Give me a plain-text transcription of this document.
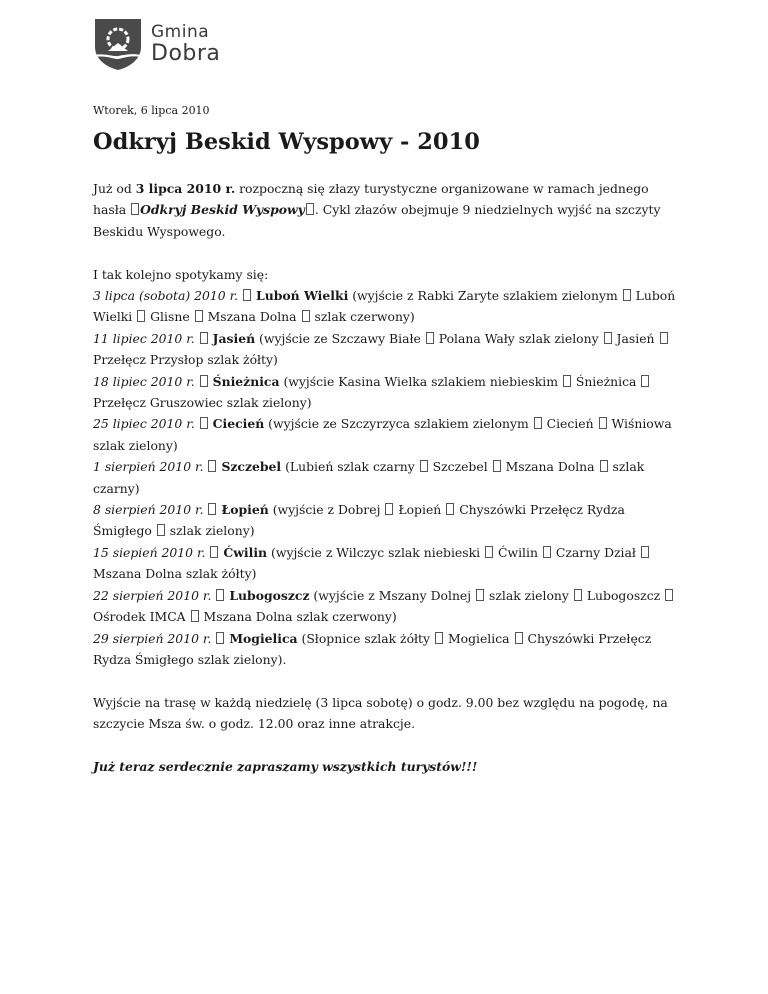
Gmina
Dobra
Wtorek, 6 lipca 2010
Odkryj Beskid Wyspowy - 2010

Już od 3 lipca 2010 r. rozpoczną się złazy turystyczne organizowane w ramach jednego hasła Odkryj Beskid Wyspowy . Cykl złazów obejmuje 9 niedzielnych wyjść na szczyty Beskidu Wyspowego.

I tak kolejno spotykamy się:

3 lipca (sobota) 2010 r. Luboń Wielki (wyjście z Rabki Zaryte szlakiem zielonym  Luboń Wielki Glisne Mszana Dolna szlak czerwony)

11 lipiec 2010 r. Jasień (wyjście ze Szczawy Białe  Polana Wały szlak zielony Jasień  Przełęcz Przysłop szlak żółty)

18 lipiec 2010 r. Śnieżnica (wyjście Kasina Wielka szlakiem niebieskim  Śnieżnica  Przełęcz Gruszowiec szlak zielony)

25 lipiec 2010 r. Ciecień (wyjście ze Szczyrzyca szlakiem zielonym  Ciecień Wiśniowa szlak zielony)

1 sierpień 2010 r. Szczebel (Lubień szlak czarny  Szczebel Mszana Dolna szlak czarny)

8 sierpień 2010 r. Łopień (wyjście z Dobrej  Łopień Chyszówki Przełęcz Rydza Śmigłego szlak zielony)

15 siepień 2010 r. Ćwilin (wyjście z Wilczyc szlak niebieski  Ćwilin Czarny Dział  Mszana Dolna szlak żółty)

22 sierpień 2010 r. Lubogoszcz (wyjście z Mszany Dolnej  szlak zielony Lubogoszcz  Ośrodek IMCA Mszana Dolna szlak czerwony)

29 sierpień 2010 r. Mogielica (Słopnice szlak żółty  Mogielica Chyszówki Przełęcz Rydza Śmigłego szlak zielony).

Wyjście na trasę w każdą niedzielę (3 lipca sobotę) o godz. 9.00 bez względu na pogodę, na szczycie Msza św. o godz. 12.00 oraz inne atrakcje.

Już teraz serdecznie zapraszamy wszystkich turystów!!!
